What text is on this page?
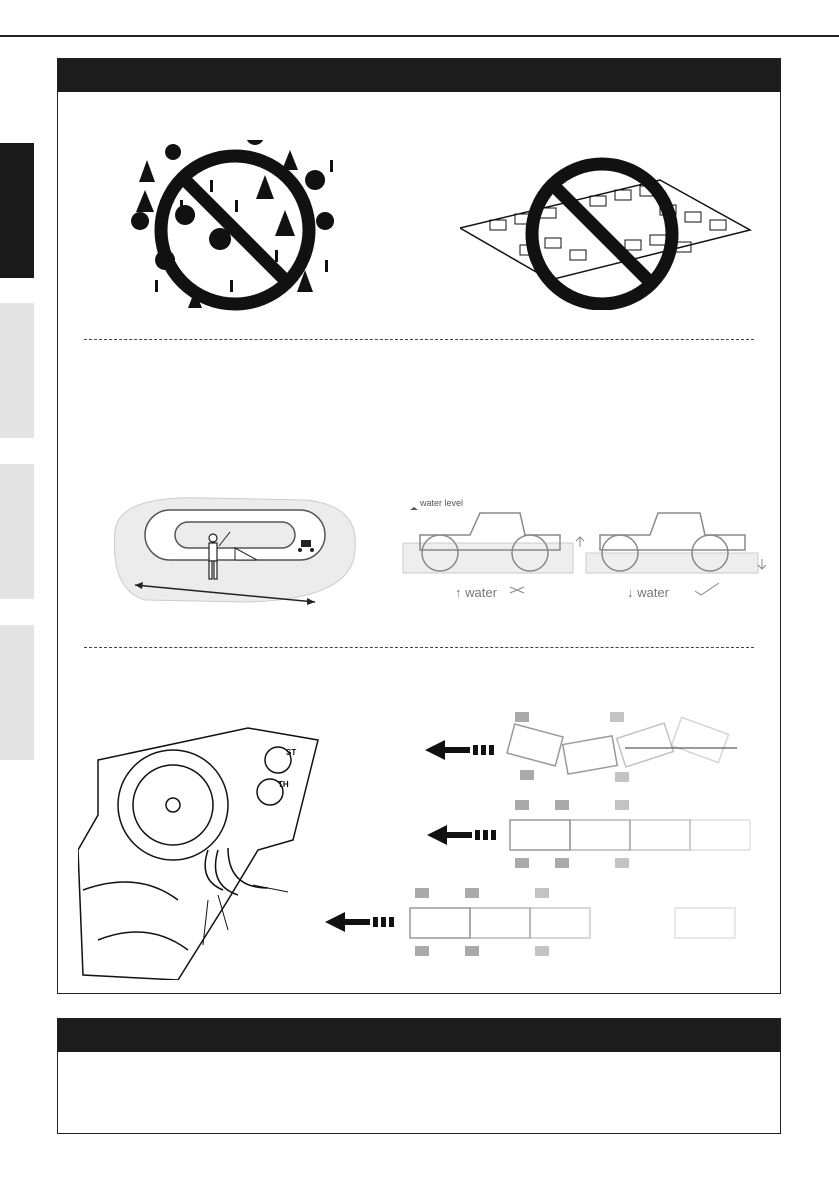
water level
↑ water	↓ water
ST
TH
